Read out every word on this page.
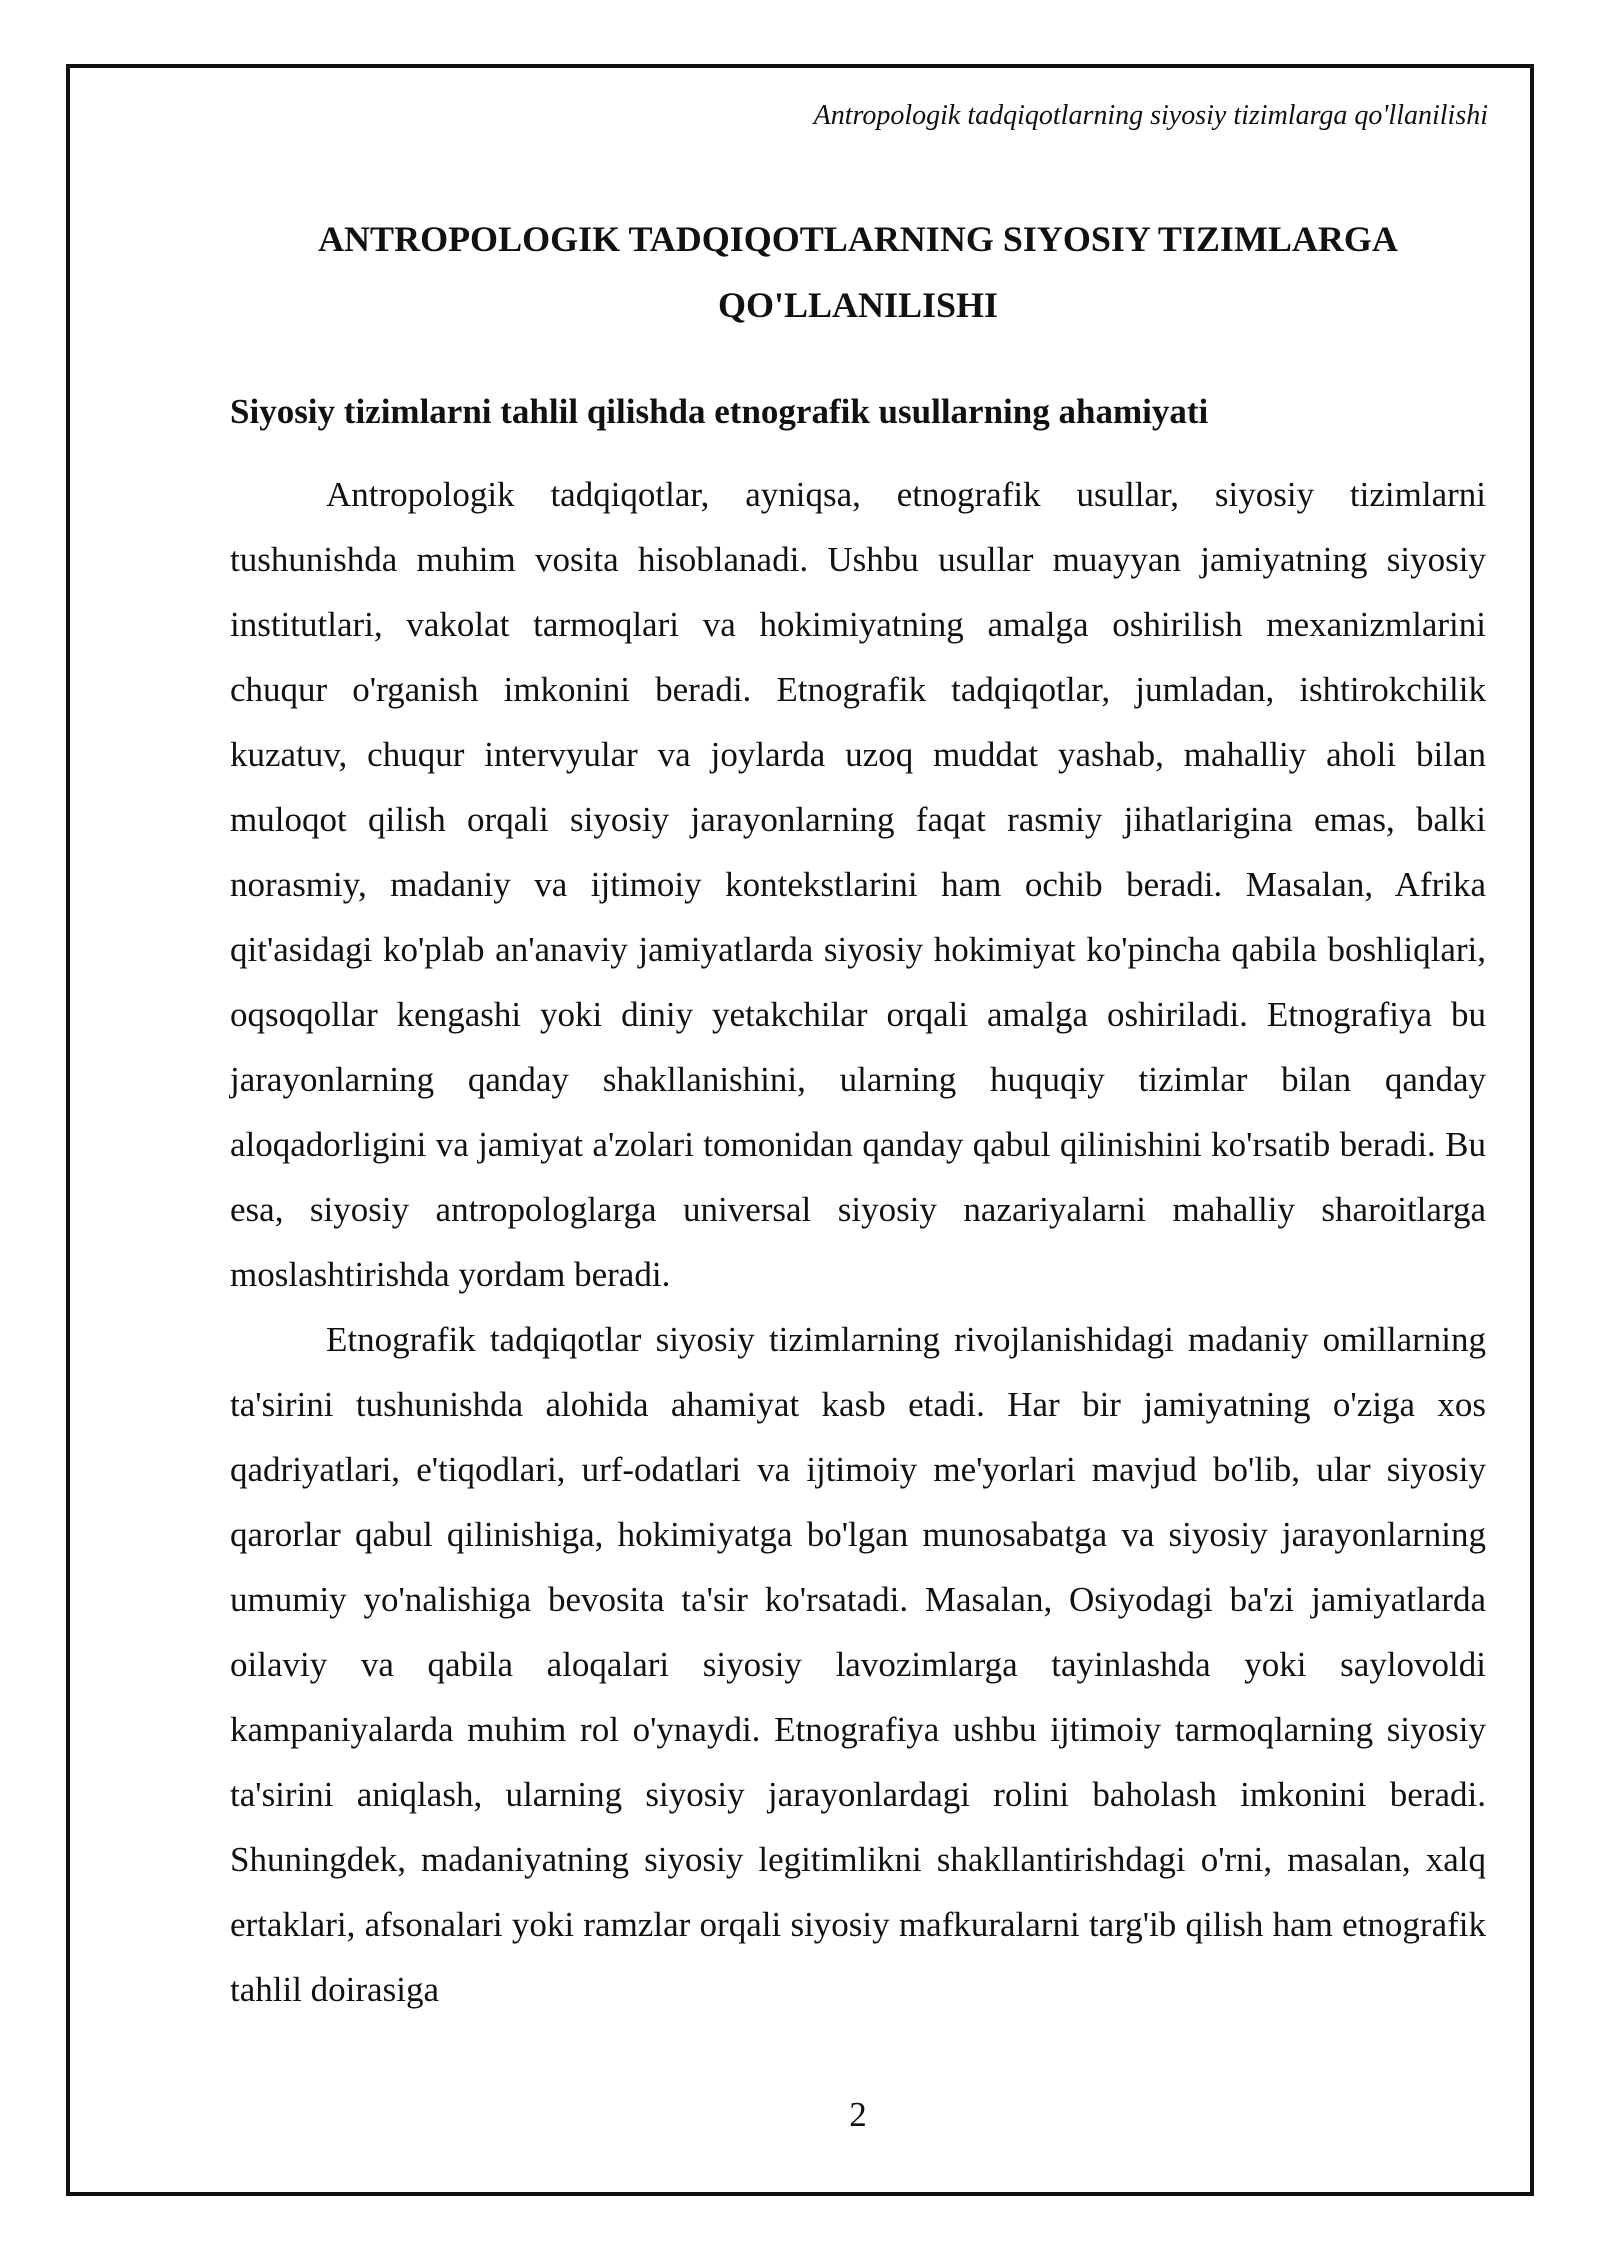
Antropologik tadqiqotlarning siyosiy tizimlarga qo'llanilishi
ANTROPOLOGIK TADQIQOTLARNING SIYOSIY TIZIMLARGA
QO'LLANILISHI
Siyosiy tizimlarni tahlil qilishda etnografik usullarning ahamiyati

Antropologik tadqiqotlar, ayniqsa, etnografik usullar, siyosiy tizimlarni tushunishda muhim vosita hisoblanadi. Ushbu usullar muayyan jamiyatning siyosiy institutlari, vakolat tarmoqlari va hokimiyatning amalga oshirilish mexanizmlarini chuqur o'rganish imkonini beradi. Etnografik tadqiqotlar, jumladan, ishtirokchilik kuzatuv, chuqur intervyular va joylarda uzoq muddat yashab, mahalliy aholi bilan muloqot qilish orqali siyosiy jarayonlarning faqat rasmiy jihatlarigina emas, balki norasmiy, madaniy va ijtimoiy kontekstlarini ham ochib beradi. Masalan, Afrika qit'asidagi ko'plab an'anaviy jamiyatlarda siyosiy hokimiyat ko'pincha qabila boshliqlari, oqsoqollar kengashi yoki diniy yetakchilar orqali amalga oshiriladi. Etnografiya bu jarayonlarning qanday shakllanishini, ularning huquqiy tizimlar bilan qanday aloqadorligini va jamiyat a'zolari tomonidan qanday qabul qilinishini ko'rsatib beradi. Bu esa, siyosiy antropologlarga universal siyosiy nazariyalarni mahalliy sharoitlarga moslashtirishda yordam beradi.

Etnografik tadqiqotlar siyosiy tizimlarning rivojlanishidagi madaniy omillarning ta'sirini tushunishda alohida ahamiyat kasb etadi. Har bir jamiyatning o'ziga xos qadriyatlari, e'tiqodlari, urf-odatlari va ijtimoiy me'yorlari mavjud bo'lib, ular siyosiy qarorlar qabul qilinishiga, hokimiyatga bo'lgan munosabatga va siyosiy jarayonlarning umumiy yo'nalishiga bevosita ta'sir ko'rsatadi. Masalan, Osiyodagi ba'zi jamiyatlarda oilaviy va qabila aloqalari siyosiy lavozimlarga tayinlashda yoki saylovoldi kampaniyalarda muhim rol o'ynaydi. Etnografiya ushbu ijtimoiy tarmoqlarning siyosiy ta'sirini aniqlash, ularning siyosiy jarayonlardagi rolini baholash imkonini beradi. Shuningdek, madaniyatning siyosiy legitimlikni shakllantirishdagi o'rni, masalan, xalq ertaklari, afsonalari yoki ramzlar orqali siyosiy mafkuralarni targ'ib qilish ham etnografik tahlil doirasiga

2
